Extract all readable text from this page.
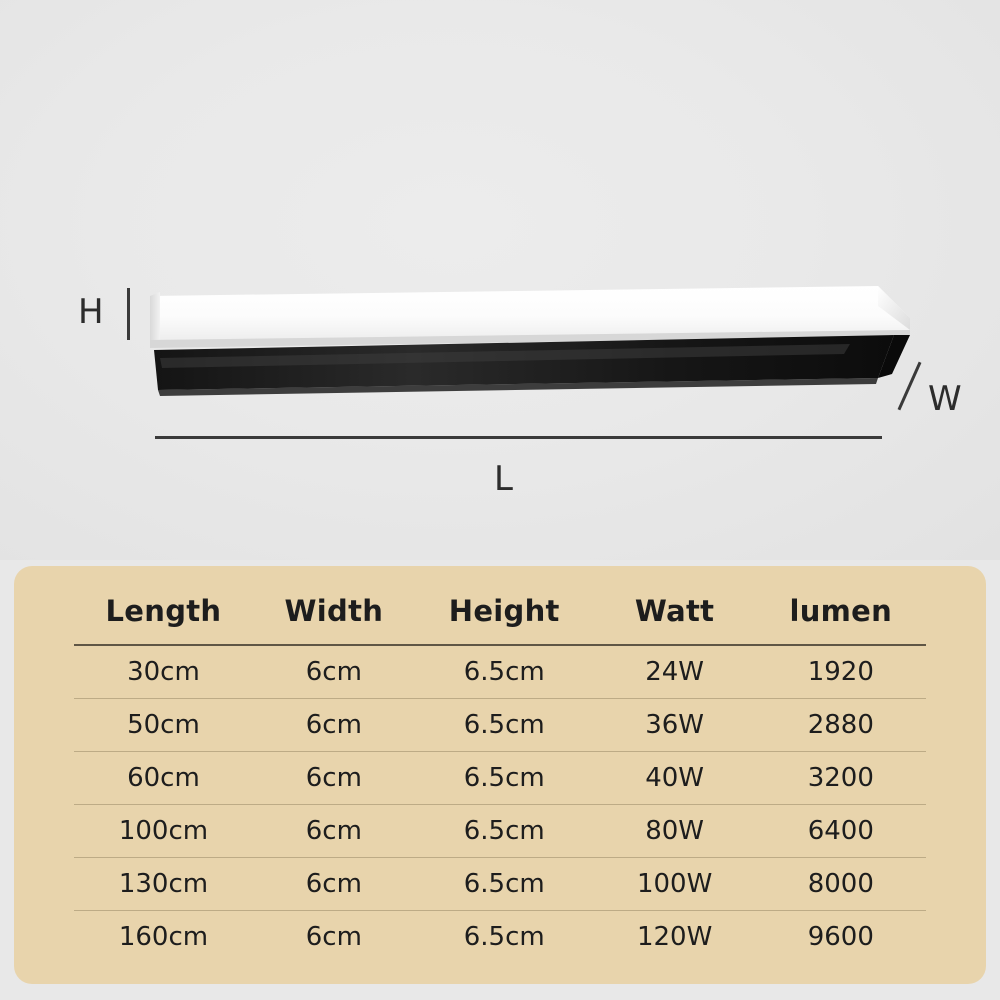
H
W
L
Length	Width	Height	Watt	lumen
30cm	6cm	6.5cm	24W	1920
50cm	6cm	6.5cm	36W	2880
60cm	6cm	6.5cm	40W	3200
100cm	6cm	6.5cm	80W	6400
130cm	6cm	6.5cm	100W	8000
160cm	6cm	6.5cm	120W	9600
